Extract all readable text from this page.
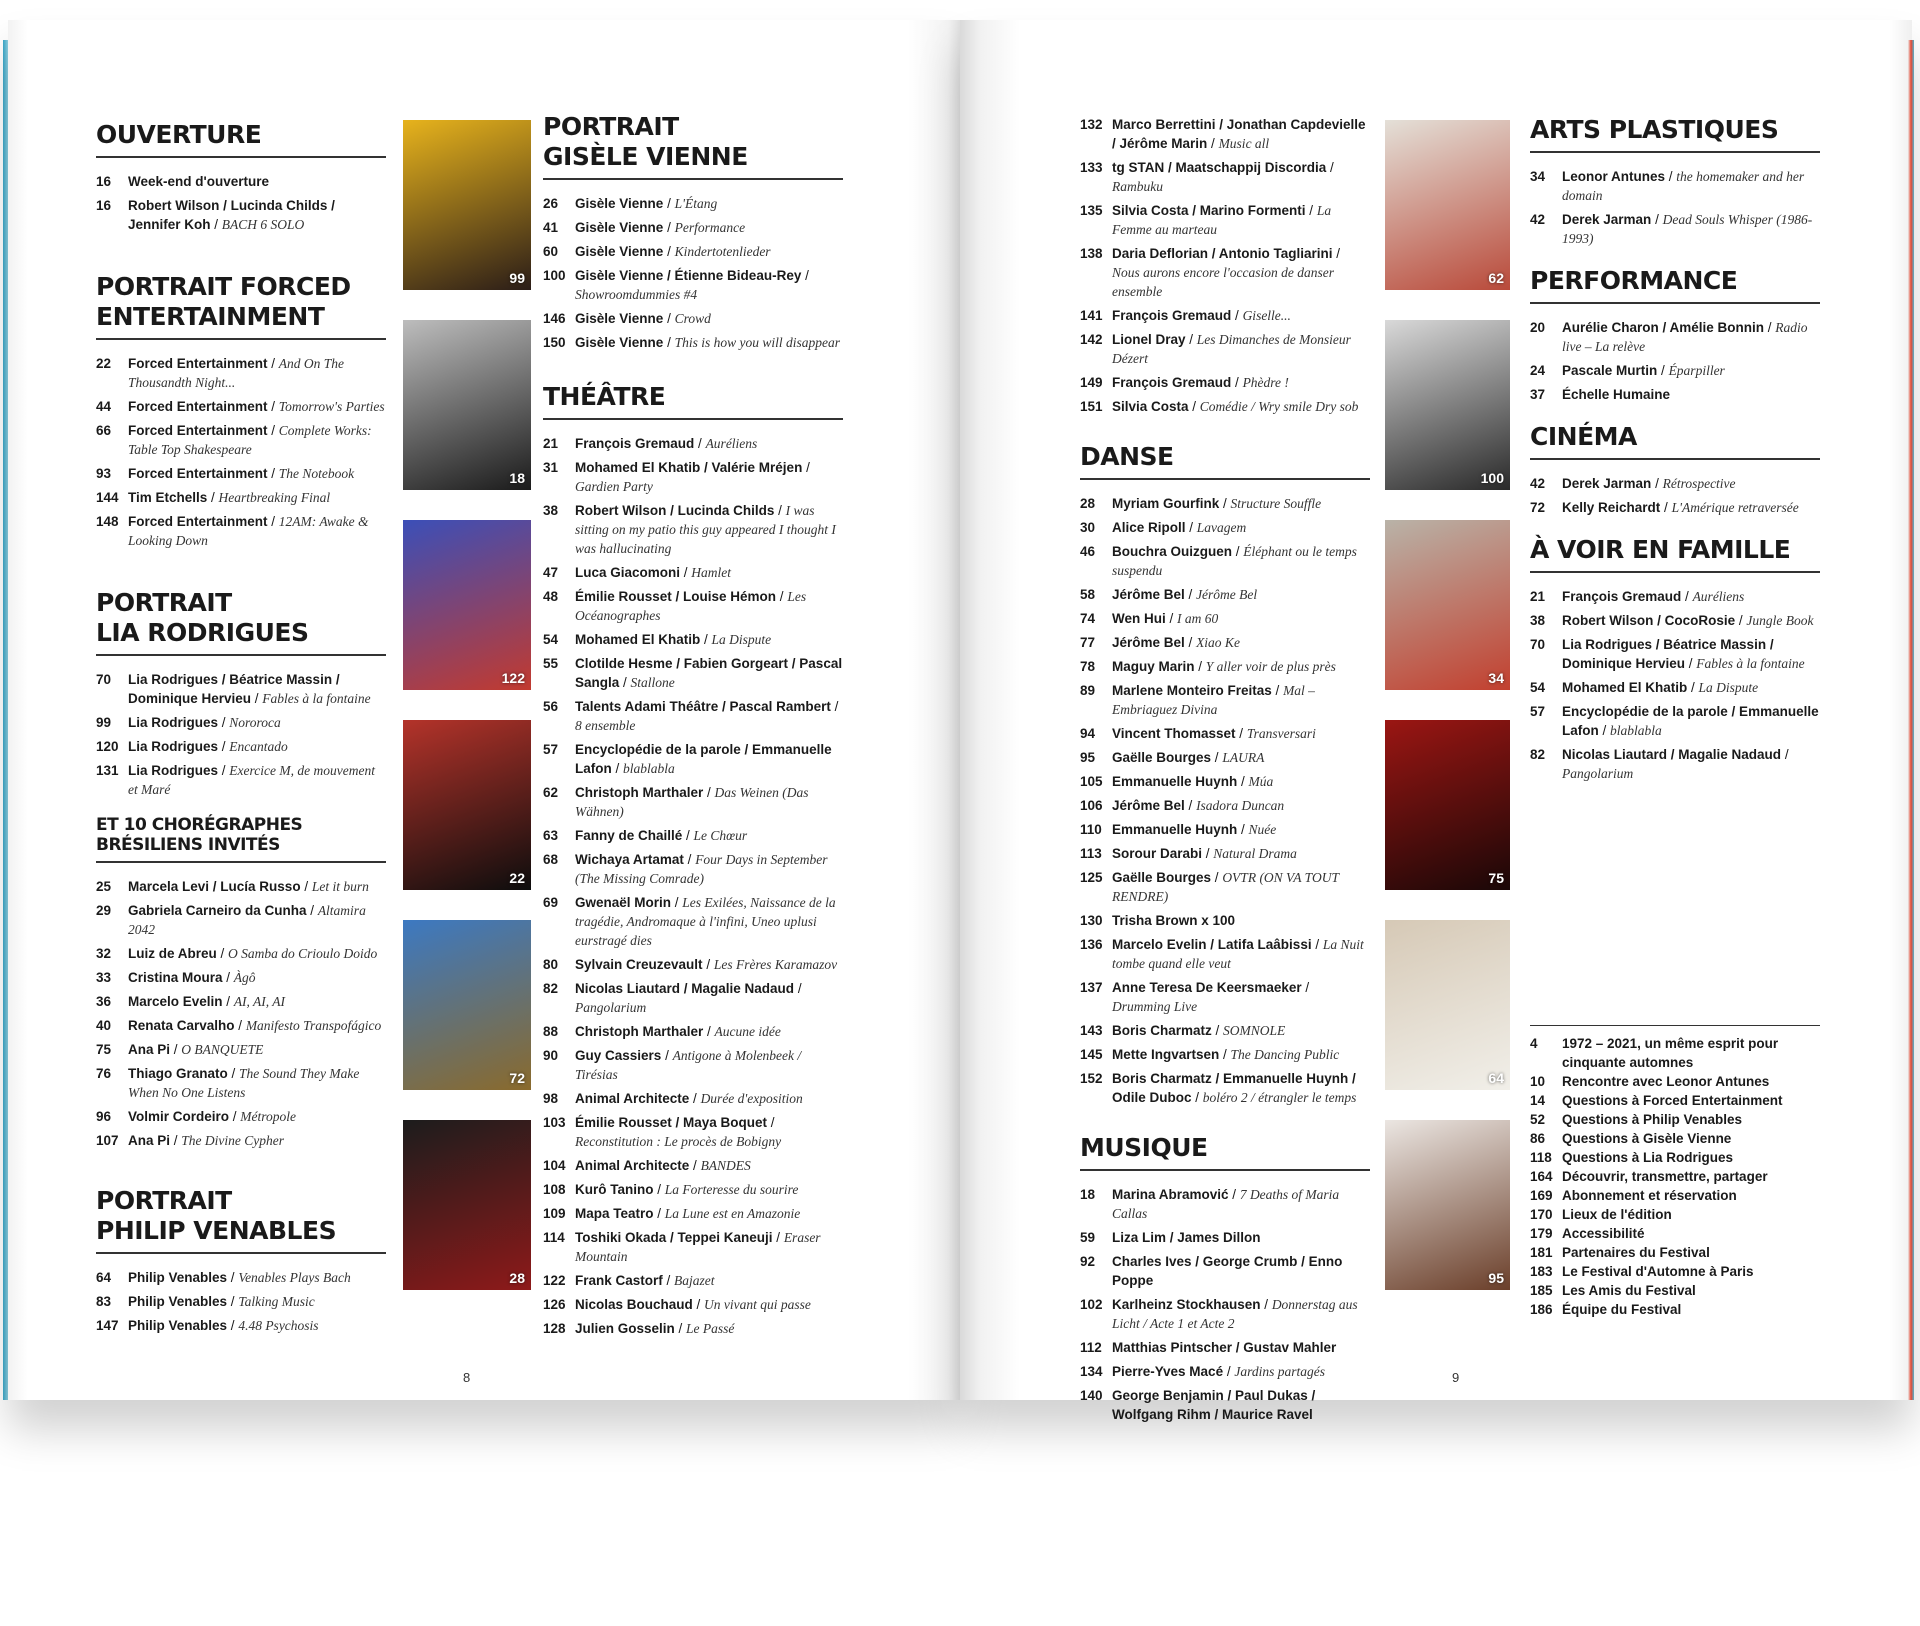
OUVERTURE
16	Week-end d'ouverture
16	Robert Wilson / Lucinda Childs / Jennifer Koh / BACH 6 SOLO
PORTRAIT FORCED
ENTERTAINMENT
22	Forced Entertainment / And On The Thousandth Night...
44	Forced Entertainment / Tomorrow's Parties
66	Forced Entertainment / Complete Works: Table Top Shakespeare
93	Forced Entertainment / The Notebook
144 Tim Etchells / Heartbreaking Final
148 Forced Entertainment / 12AM: Awake & Looking Down
PORTRAIT
LIA RODRIGUES
70	Lia Rodrigues / Béatrice Massin / Dominique Hervieu / Fables à la fontaine
99	Lia Rodrigues / Nororoca
120 Lia Rodrigues / Encantado
131 Lia Rodrigues / Exercice M, de mouvement et Maré
ET 10 CHORÉGRAPHES
BRÉSILIENS INVITÉS
25	Marcela Levi / Lucía Russo / Let it burn
29	Gabriela Carneiro da Cunha / Altamira 2042
32	Luiz de Abreu / O Samba do Crioulo Doido
33	Cristina Moura / Àgô
36	Marcelo Evelin / AI, AI, AI
40	Renata Carvalho / Manifesto Transpofágico
75	Ana Pi / O BANQUETE
76	Thiago Granato / The Sound They Make When No One Listens
96	Volmir Cordeiro / Métropole
107 Ana Pi / The Divine Cypher
PORTRAIT
PHILIP VENABLES
64	Philip Venables / Venables Plays Bach
83	Philip Venables / Talking Music
147 Philip Venables / 4.48 Psychosis
99
18
122
22
72
28
PORTRAIT
GISÈLE VIENNE
26	Gisèle Vienne / L'Étang
41	Gisèle Vienne / Performance
60	Gisèle Vienne / Kindertotenlieder
100 Gisèle Vienne / Étienne Bideau-Rey / Showroomdummies #4
146 Gisèle Vienne / Crowd
150 Gisèle Vienne / This is how you will disappear
THÉÂTRE
21	François Gremaud / Auréliens
31	Mohamed El Khatib / Valérie Mréjen / Gardien Party
38	Robert Wilson / Lucinda Childs / I was sitting on my patio this guy appeared I thought I was hallucinating
47	Luca Giacomoni / Hamlet
48	Émilie Rousset / Louise Hémon / Les Océanographes
54	Mohamed El Khatib / La Dispute
55	Clotilde Hesme / Fabien Gorgeart / Pascal Sangla / Stallone
56	Talents Adami Théâtre / Pascal Rambert / 8 ensemble
57	Encyclopédie de la parole / Emmanuelle Lafon / blablabla
62	Christoph Marthaler / Das Weinen (Das Wähnen)
63	Fanny de Chaillé / Le Chœur
68	Wichaya Artamat / Four Days in September (The Missing Comrade)
69	Gwenaël Morin / Les Exilées, Naissance de la tragédie, Andromaque à l'infini, Uneo uplusi eurstragé dies
80	Sylvain Creuzevault / Les Frères Karamazov
82	Nicolas Liautard / Magalie Nadaud / Pangolarium
88	Christoph Marthaler / Aucune idée
90	Guy Cassiers / Antigone à Molenbeek / Tirésias
98	Animal Architecte / Durée d'exposition
103 Émilie Rousset / Maya Boquet / Reconstitution : Le procès de Bobigny
104 Animal Architecte / BANDES
108 Kurô Tanino / La Forteresse du sourire
109 Mapa Teatro / La Lune est en Amazonie
114 Toshiki Okada / Teppei Kaneuji / Eraser Mountain
122 Frank Castorf / Bajazet
126 Nicolas Bouchaud / Un vivant qui passe
128 Julien Gosselin / Le Passé
8
132 Marco Berrettini / Jonathan Capdevielle / Jérôme Marin / Music all
133 tg STAN / Maatschappij Discordia / Rambuku
135 Silvia Costa / Marino Formenti / La Femme au marteau
138 Daria Deflorian / Antonio Tagliarini / Nous aurons encore l'occasion de danser ensemble
141 François Gremaud / Giselle...
142 Lionel Dray / Les Dimanches de Monsieur Dézert
149 François Gremaud / Phèdre !
151 Silvia Costa / Comédie / Wry smile Dry sob
DANSE
28	Myriam Gourfink / Structure Souffle
30	Alice Ripoll / Lavagem
46	Bouchra Ouizguen / Éléphant ou le temps suspendu
58	Jérôme Bel / Jérôme Bel
74	Wen Hui / I am 60
77	Jérôme Bel / Xiao Ke
78	Maguy Marin / Y aller voir de plus près
89	Marlene Monteiro Freitas / Mal – Embriaguez Divina
94	Vincent Thomasset / Transversari
95	Gaëlle Bourges / LAURA
105 Emmanuelle Huynh / Múa
106 Jérôme Bel / Isadora Duncan
110 Emmanuelle Huynh / Nuée
113 Sorour Darabi / Natural Drama
125 Gaëlle Bourges / OVTR (ON VA TOUT RENDRE)
130 Trisha Brown x 100
136 Marcelo Evelin / Latifa Laâbissi / La Nuit tombe quand elle veut
137 Anne Teresa De Keersmaeker / Drumming Live
143 Boris Charmatz / SOMNOLE
145 Mette Ingvartsen / The Dancing Public
152 Boris Charmatz / Emmanuelle Huynh / Odile Duboc / boléro 2 / étrangler le temps
MUSIQUE
18	Marina Abramović / 7 Deaths of Maria Callas
59	Liza Lim / James Dillon
92	Charles Ives / George Crumb / Enno Poppe
102 Karlheinz Stockhausen / Donnerstag aus Licht / Acte 1 et Acte 2
112 Matthias Pintscher / Gustav Mahler
134 Pierre-Yves Macé / Jardins partagés
140 George Benjamin / Paul Dukas / Wolfgang Rihm / Maurice Ravel
62
100
34
75
64
95
ARTS PLASTIQUES
34	Leonor Antunes / the homemaker and her domain
42	Derek Jarman / Dead Souls Whisper (1986-1993)
PERFORMANCE
20	Aurélie Charon / Amélie Bonnin / Radio live – La relève
24	Pascale Murtin / Éparpiller
37	Échelle Humaine
CINÉMA
42	Derek Jarman / Rétrospective
72	Kelly Reichardt / L'Amérique retraversée
À VOIR EN FAMILLE
21	François Gremaud / Auréliens
38	Robert Wilson / CocoRosie / Jungle Book
70	Lia Rodrigues / Béatrice Massin / Dominique Hervieu / Fables à la fontaine
54	Mohamed El Khatib / La Dispute
57	Encyclopédie de la parole / Emmanuelle Lafon / blablabla
82	Nicolas Liautard / Magalie Nadaud / Pangolarium
4	1972 – 2021, un même esprit pour cinquante automnes
10	Rencontre avec Leonor Antunes
14	Questions à Forced Entertainment
52	Questions à Philip Venables
86	Questions à Gisèle Vienne
118 Questions à Lia Rodrigues
164 Découvrir, transmettre, partager
169 Abonnement et réservation
170 Lieux de l'édition
179 Accessibilité
181 Partenaires du Festival
183 Le Festival d'Automne à Paris
185 Les Amis du Festival
186 Équipe du Festival
9
